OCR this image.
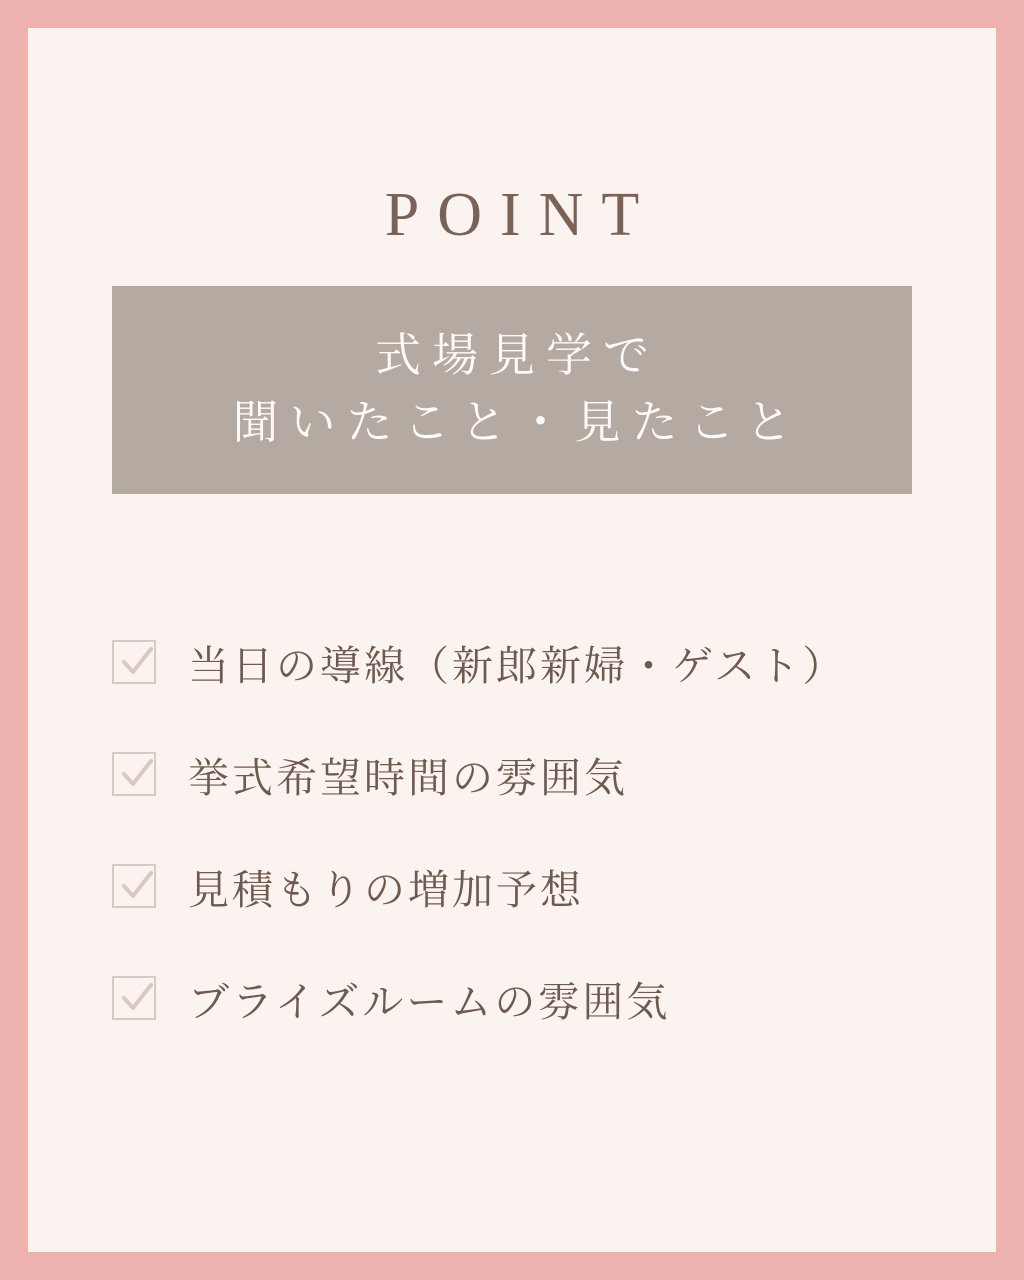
POINT
式場見学で
聞いたこと・見たこと
当日の導線（新郎新婦・ゲスト）
挙式希望時間の雰囲気
見積もりの増加予想
ブライズルームの雰囲気
